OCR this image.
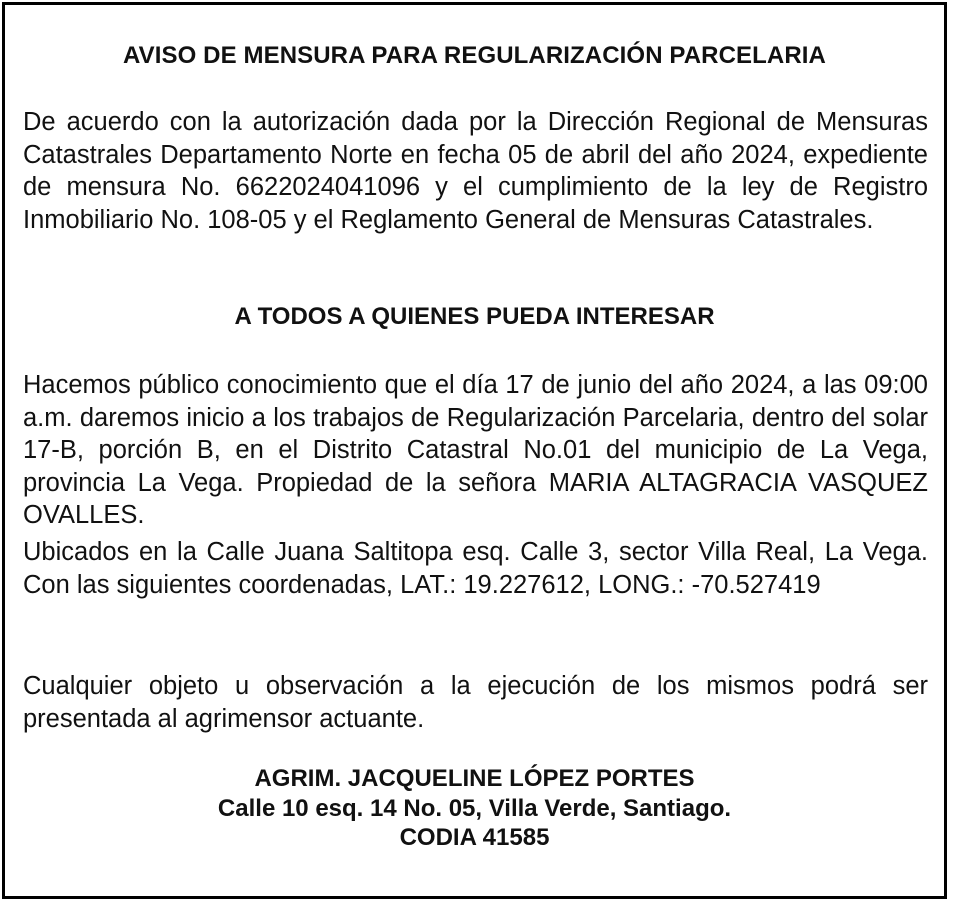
AVISO DE MENSURA PARA REGULARIZACIÓN PARCELARIA

De acuerdo con la autorización dada por la Dirección Regional de Mensuras Catastrales Departamento Norte en fecha 05 de abril del año 2024, expediente de mensura No. 6622024041096 y el cumplimiento de la ley de Registro Inmobiliario No. 108-05 y el Reglamento General de Mensuras Catastrales.

A TODOS A QUIENES PUEDA INTERESAR

Hacemos público conocimiento que el día 17 de junio del año 2024, a las 09:00 a.m. daremos inicio a los trabajos de Regularización Parcelaria, dentro del solar 17-B, porción B, en el Distrito Catastral No.01 del municipio de La Vega, provincia La Vega. Propiedad de la señora MARIA ALTAGRACIA VASQUEZ OVALLES.

Ubicados en la Calle Juana Saltitopa esq. Calle 3, sector Villa Real, La Vega. Con las siguientes coordenadas, LAT.: 19.227612, LONG.: -70.527419

Cualquier objeto u observación a la ejecución de los mismos podrá ser presentada al agrimensor actuante.

AGRIM. JACQUELINE LÓPEZ PORTES
Calle 10 esq. 14 No. 05, Villa Verde, Santiago.
CODIA 41585
